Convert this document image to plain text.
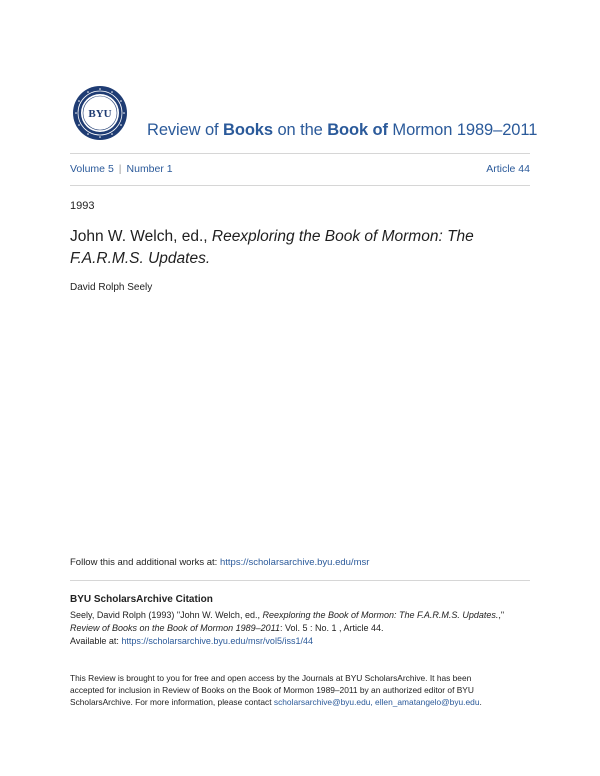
BYU
Review of Books on the Book of Mormon 1989–2011
Volume 5 | Number 1	Article 44
1993
John W. Welch, ed., Reexploring the Book of Mormon: The
F.A.R.M.S. Updates.
David Rolph Seely
Follow this and additional works at: https://scholarsarchive.byu.edu/msr
BYU ScholarsArchive Citation
Seely, David Rolph (1993) "John W. Welch, ed., Reexploring the Book of Mormon: The F.A.R.M.S. Updates.,"
Review of Books on the Book of Mormon 1989–2011: Vol. 5 : No. 1 , Article 44.
Available at: https://scholarsarchive.byu.edu/msr/vol5/iss1/44
This Review is brought to you for free and open access by the Journals at BYU ScholarsArchive. It has been
accepted for inclusion in Review of Books on the Book of Mormon 1989–2011 by an authorized editor of BYU
ScholarsArchive. For more information, please contact scholarsarchive@byu.edu, ellen_amatangelo@byu.edu.
